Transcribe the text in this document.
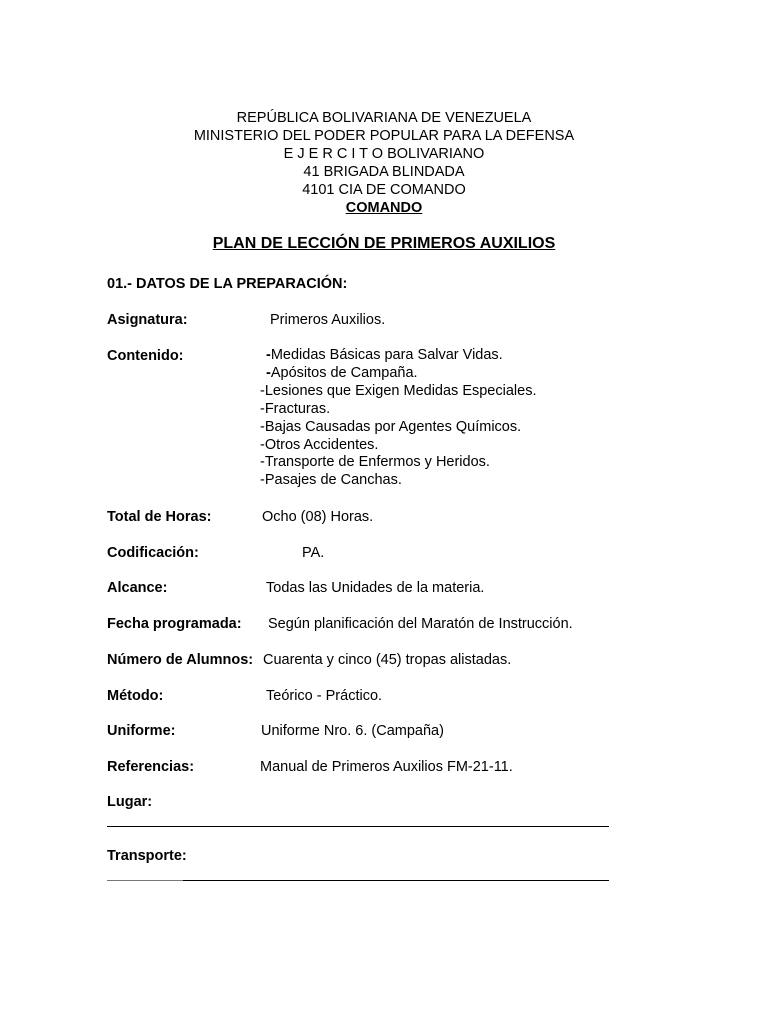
REPÚBLICA BOLIVARIANA DE VENEZUELA
MINISTERIO DEL PODER POPULAR PARA LA DEFENSA
E J E R C I T O BOLIVARIANO
41 BRIGADA BLINDADA
4101 CIA DE COMANDO
COMANDO
PLAN DE LECCIÓN DE PRIMEROS AUXILIOS
01.- DATOS DE LA PREPARACIÓN:
Asignatura:	Primeros Auxilios.
Contenido:	-Medidas Básicas para Salvar Vidas.
-Apósitos de Campaña.
-Lesiones que Exigen Medidas Especiales.
-Fracturas.
-Bajas Causadas por Agentes Químicos.
-Otros Accidentes.
-Transporte de Enfermos y Heridos.
-Pasajes de Canchas.
Total de Horas:	Ocho (08) Horas.
Codificación:	PA.
Alcance:	Todas las Unidades de la materia.
Fecha programada: Según planificación del Maratón de Instrucción.
Número de Alumnos: Cuarenta y cinco (45) tropas alistadas.
Método:	Teórico - Práctico.
Uniforme:	Uniforme Nro. 6. (Campaña)
Referencias:	Manual de Primeros Auxilios FM-21-11.
Lugar:
Transporte:
